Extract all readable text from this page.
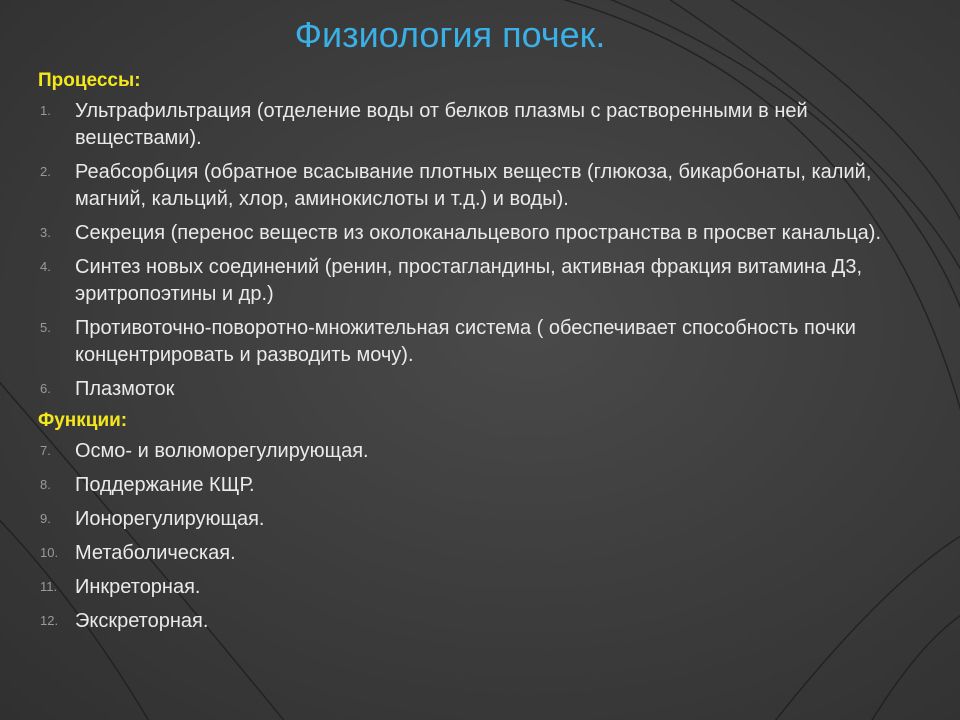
Физиология почек.
Процессы:
1. Ультрафильтрация (отделение воды от белков плазмы с растворенными в ней веществами).
2. Реабсорбция (обратное всасывание плотных веществ (глюкоза, бикарбонаты, калий, магний, кальций, хлор, аминокислоты и т.д.) и воды).
3. Секреция (перенос веществ из околоканальцевого пространства в просвет канальца).
4. Синтез новых соединений (ренин, простагландины, активная фракция витамина Д3, эритропоэтины и др.)
5. Противоточно-поворотно-множительная система ( обеспечивает способность почки концентрировать и разводить мочу).
6. Плазмоток
Функции:
7. Осмо- и волюморегулирующая.
8. Поддержание КЩР.
9. Ионорегулирующая.
10. Метаболическая.
11. Инкреторная.
12. Экскреторная.
